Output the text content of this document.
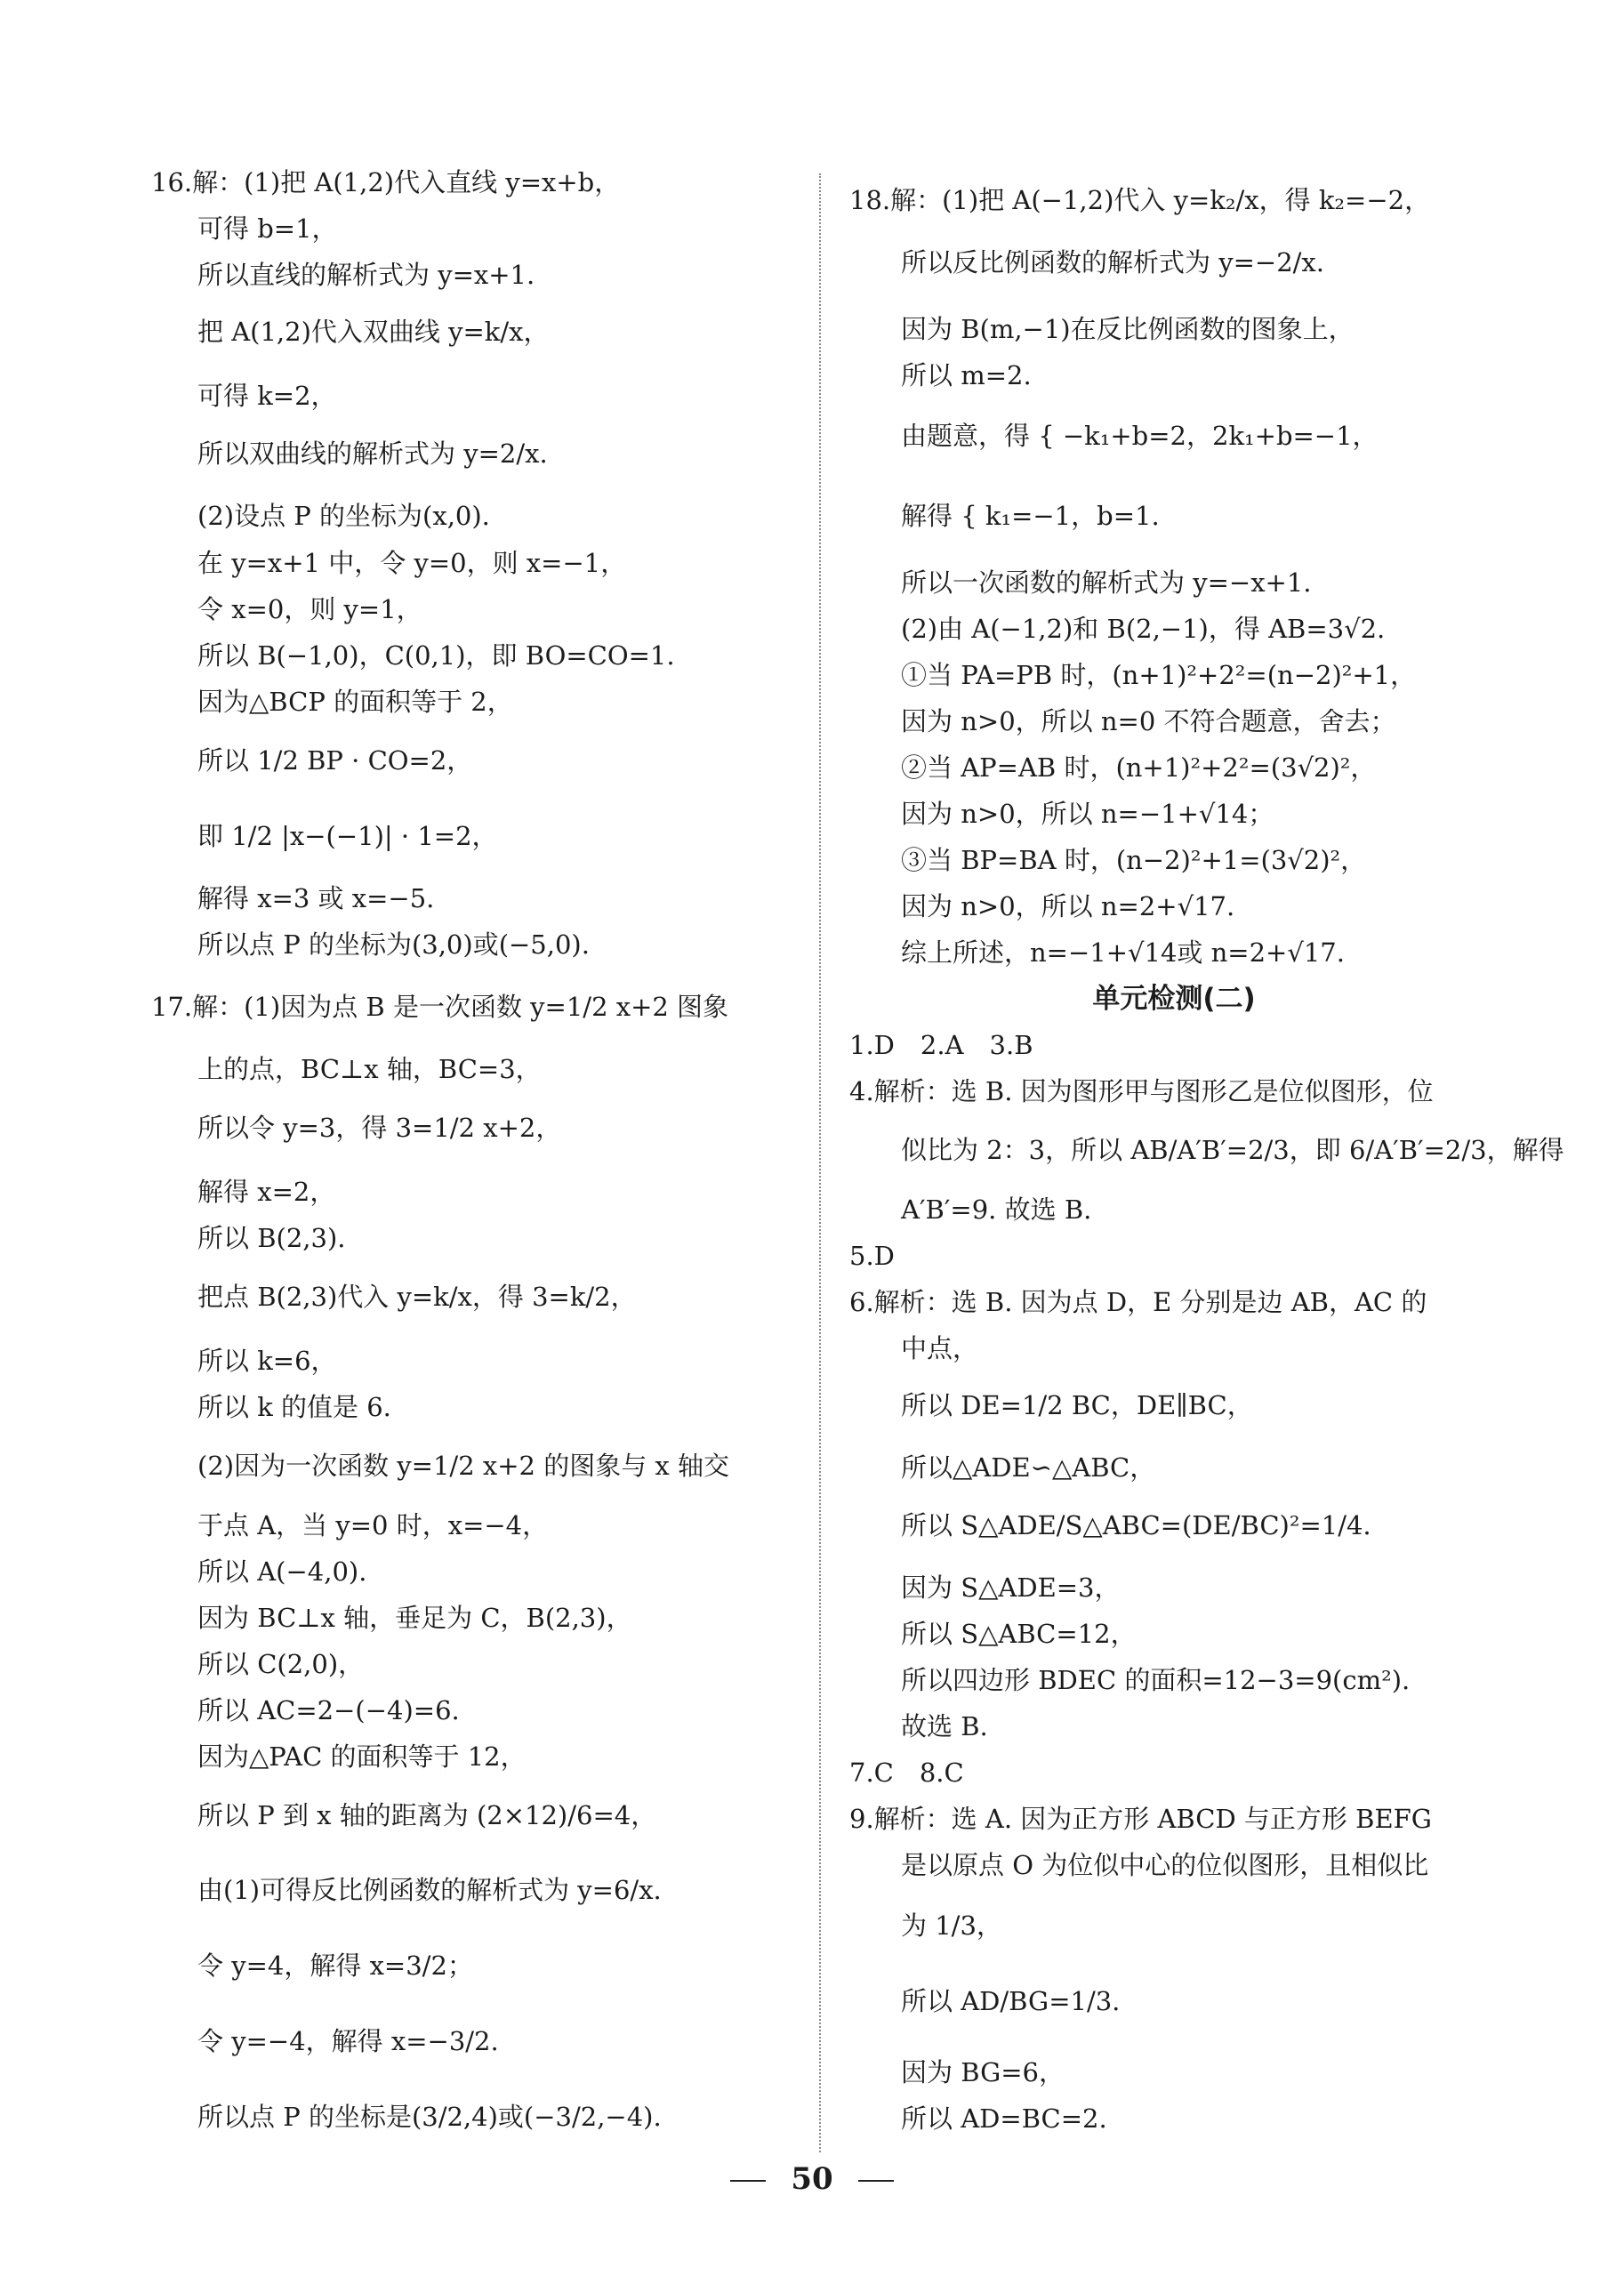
16.解：(1)把 A(1,2)代入直线 y=x+b，
可得 b=1，
所以直线的解析式为 y=x+1.
把 A(1,2)代入双曲线 y=k/x，
可得 k=2，
所以双曲线的解析式为 y=2/x.
(2)设点 P 的坐标为(x,0).
在 y=x+1 中，令 y=0，则 x=−1，
令 x=0，则 y=1，
所以 B(−1,0)，C(0,1)，即 BO=CO=1.
因为△BCP 的面积等于 2，
所以 1/2 BP · CO=2，
即 1/2 |x−(−1)| · 1=2，
解得 x=3 或 x=−5.
所以点 P 的坐标为(3,0)或(−5,0).
17.解：(1)因为点 B 是一次函数 y=1/2 x+2 图象
上的点，BC⊥x 轴，BC=3，
所以令 y=3，得 3=1/2 x+2，
解得 x=2，
所以 B(2,3).
把点 B(2,3)代入 y=k/x，得 3=k/2，
所以 k=6，
所以 k 的值是 6.
(2)因为一次函数 y=1/2 x+2 的图象与 x 轴交
于点 A，当 y=0 时，x=−4，
所以 A(−4,0).
因为 BC⊥x 轴，垂足为 C，B(2,3)，
所以 C(2,0)，
所以 AC=2−(−4)=6.
因为△PAC 的面积等于 12，
所以 P 到 x 轴的距离为 (2×12)/6=4，
由(1)可得反比例函数的解析式为 y=6/x.
令 y=4，解得 x=3/2；
令 y=−4，解得 x=−3/2.
所以点 P 的坐标是(3/2,4)或(−3/2,−4).
18.解：(1)把 A(−1,2)代入 y=k₂/x，得 k₂=−2，
所以反比例函数的解析式为 y=−2/x.
因为 B(m,−1)在反比例函数的图象上，
所以 m=2.
由题意，得 { −k₁+b=2，2k₁+b=−1，
解得 { k₁=−1，b=1.
所以一次函数的解析式为 y=−x+1.
(2)由 A(−1,2)和 B(2,−1)，得 AB=3√2.
①当 PA=PB 时，(n+1)²+2²=(n−2)²+1，
因为 n>0，所以 n=0 不符合题意，舍去；
②当 AP=AB 时，(n+1)²+2²=(3√2)²，
因为 n>0，所以 n=−1+√14；
③当 BP=BA 时，(n−2)²+1=(3√2)²，
因为 n>0，所以 n=2+√17.
综上所述，n=−1+√14或 n=2+√17.
单元检测(二)
1.D　2.A　3.B
4.解析：选 B. 因为图形甲与图形乙是位似图形，位
似比为 2：3，所以 AB/A′B′=2/3，即 6/A′B′=2/3，解得
A′B′=9. 故选 B.
5.D
6.解析：选 B. 因为点 D，E 分别是边 AB，AC 的
中点，
所以 DE=1/2 BC，DE∥BC，
所以△ADE∽△ABC，
所以 S△ADE/S△ABC=(DE/BC)²=1/4.
因为 S△ADE=3，
所以 S△ABC=12，
所以四边形 BDEC 的面积=12−3=9(cm²).
故选 B.
7.C　8.C
9.解析：选 A. 因为正方形 ABCD 与正方形 BEFG
是以原点 O 为位似中心的位似图形，且相似比
为 1/3，
所以 AD/BG=1/3.
因为 BG=6，
所以 AD=BC=2.
50
